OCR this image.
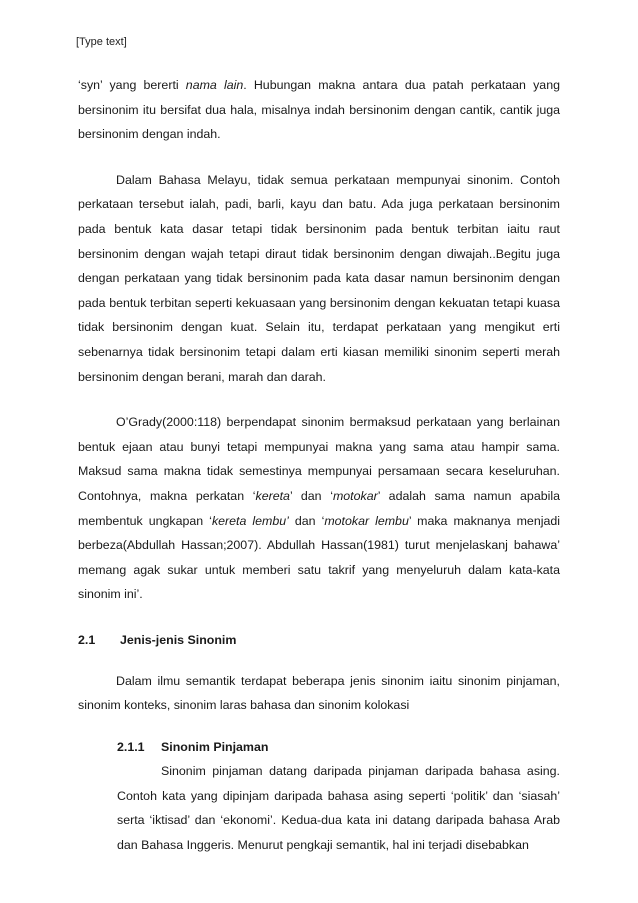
[Type text]

‘syn’ yang bererti nama lain. Hubungan makna antara dua patah perkataan yang bersinonim itu bersifat dua hala, misalnya indah bersinonim dengan cantik, cantik juga bersinonim dengan indah.

Dalam Bahasa Melayu, tidak semua perkataan mempunyai sinonim. Contoh perkataan tersebut ialah, padi, barli, kayu dan batu. Ada juga perkataan bersinonim pada bentuk kata dasar tetapi tidak bersinonim pada bentuk terbitan iaitu raut bersinonim dengan wajah tetapi diraut tidak bersinonim dengan diwajah..Begitu juga dengan perkataan yang tidak bersinonim pada kata dasar namun bersinonim dengan pada bentuk terbitan seperti kekuasaan yang bersinonim dengan kekuatan tetapi kuasa tidak bersinonim dengan kuat. Selain itu, terdapat perkataan yang mengikut erti sebenarnya tidak bersinonim tetapi dalam erti kiasan memiliki sinonim seperti merah bersinonim dengan berani, marah dan darah.

O’Grady(2000:118) berpendapat sinonim bermaksud perkataan yang berlainan bentuk ejaan atau bunyi tetapi mempunyai makna yang sama atau hampir sama. Maksud sama makna tidak semestinya mempunyai persamaan secara keseluruhan. Contohnya, makna perkatan ‘kereta’ dan ‘motokar’ adalah sama namun apabila membentuk ungkapan ‘kereta lembu’ dan ‘motokar lembu’ maka maknanya menjadi berbeza(Abdullah Hassan;2007). Abdullah Hassan(1981) turut menjelaskanj bahawa’ memang agak sukar untuk memberi satu takrif yang menyeluruh dalam kata-kata sinonim ini’.

2.1	Jenis-jenis Sinonim

Dalam ilmu semantik terdapat beberapa jenis sinonim iaitu sinonim pinjaman, sinonim konteks, sinonim laras bahasa dan sinonim kolokasi

2.1.1	Sinonim Pinjaman

Sinonim pinjaman datang daripada pinjaman daripada bahasa asing. Contoh kata yang dipinjam daripada bahasa asing seperti ‘politik’ dan ‘siasah’ serta ‘iktisad’ dan ‘ekonomi’. Kedua-dua kata ini datang daripada bahasa Arab dan Bahasa Inggeris. Menurut pengkaji semantik, hal ini terjadi disebabkan
